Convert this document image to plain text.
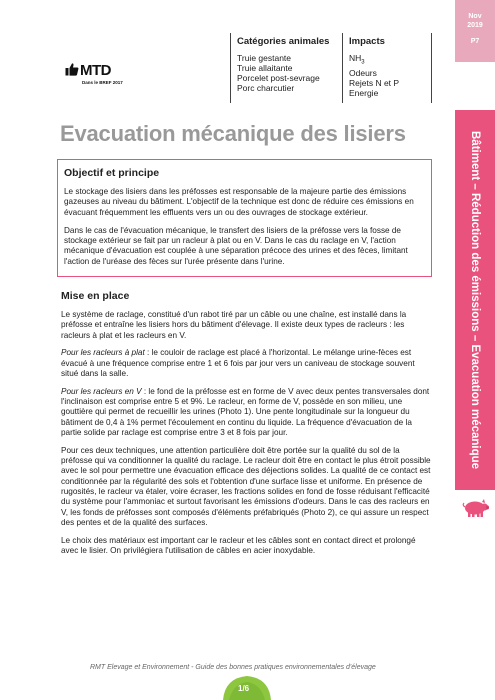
Nov
2019
P7
Bâtiment – Réduction des émissions – Evacuation mécanique
MTD
Dans le BREF 2017
Catégories animales
Truie gestante
Truie allaitante
Porcelet post-sevrage
Porc charcutier
Impacts
$NH_3$
Odeurs
Rejets N et P
Energie
Evacuation mécanique des lisiers
Objectif et principe

Le stockage des lisiers dans les préfosses est responsable de la majeure partie des émissions gazeuses au niveau du bâtiment. L'objectif de la technique est donc de réduire ces émissions en évacuant fréquemment les effluents vers un ou des ouvrages de stockage extérieur.

Dans le cas de l'évacuation mécanique, le transfert des lisiers de la préfosse vers la fosse de stockage extérieur se fait par un racleur à plat ou en V. Dans le cas du raclage en V, l'action mécanique d'évacuation est couplée à une séparation précoce des urines et des fèces, limitant l'action de l'uréase des fèces sur l'urée présente dans l'urine.

Mise en place

Le système de raclage, constitué d'un rabot tiré par un câble ou une chaîne, est installé dans la préfosse et entraîne les lisiers hors du bâtiment d'élevage. Il existe deux types de racleurs : les racleurs à plat et les racleurs en V.

Pour les racleurs à plat : le couloir de raclage est placé à l'horizontal. Le mélange urine-fèces est évacué à une fréquence comprise entre 1 et 6 fois par jour vers un caniveau de stockage souvent situé dans la salle.

Pour les racleurs en V : le fond de la préfosse est en forme de V avec deux pentes transversales dont l'inclinaison est comprise entre 5 et 9%. Le racleur, en forme de V, possède en son milieu, une gouttière qui permet de recueillir les urines (Photo 1). Une pente longitudinale sur la longueur du bâtiment de 0,4 à 1% permet l'écoulement en continu du liquide. La fréquence d'évacuation de la partie solide par raclage est comprise entre 3 et 8 fois par jour.

Pour ces deux techniques, une attention particulière doit être portée sur la qualité du sol de la préfosse qui va conditionner la qualité du raclage. Le racleur doit être en contact le plus étroit possible avec le sol pour permettre une évacuation efficace des déjections solides. La qualité de ce contact est conditionnée par la régularité des sols et l'obtention d'une surface lisse et uniforme. En présence de rugosités, le racleur va étaler, voire écraser, les fractions solides en fond de fosse réduisant l'efficacité du système pour l'ammoniac et surtout favorisant les émissions d'odeurs. Dans le cas des racleurs en V, les fonds de préfosses sont composés d'éléments préfabriqués (Photo 2), ce qui assure un respect des pentes et de la qualité des surfaces.

Le choix des matériaux est important car le racleur et les câbles sont en contact direct et prolongé avec le lisier. On privilégiera l'utilisation de câbles en acier inoxydable.

RMT Elevage et Environnement - Guide des bonnes pratiques environnementales d'élevage
1/6
